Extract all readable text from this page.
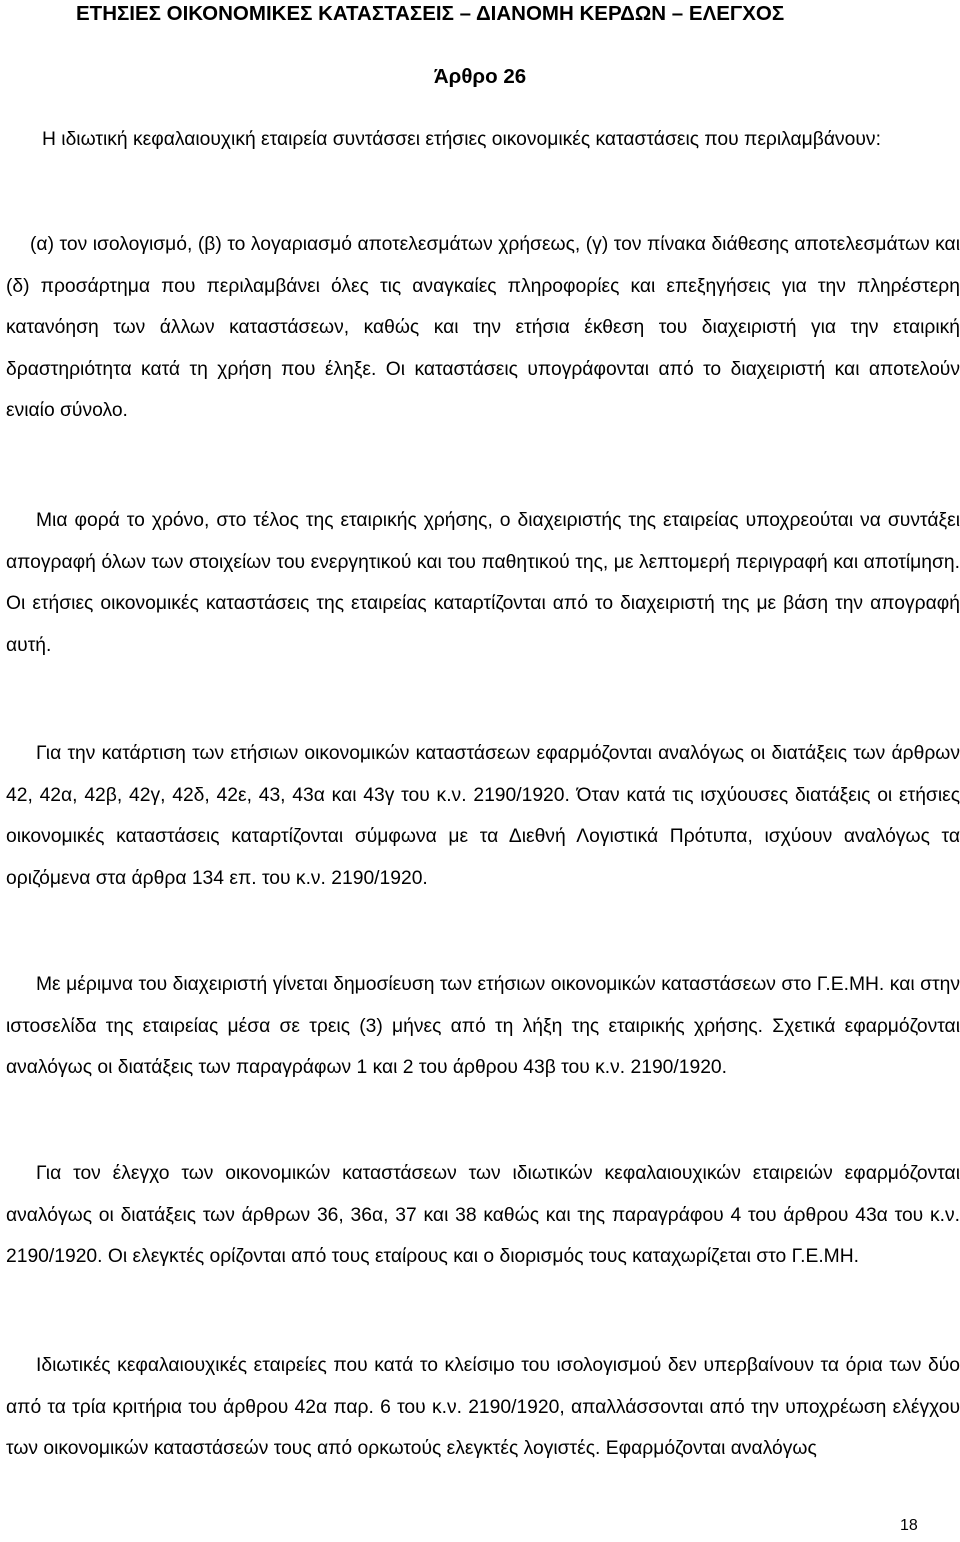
ΕΤΗΣΙΕΣ ΟΙΚΟΝΟΜΙΚΕΣ ΚΑΤΑΣΤΑΣΕΙΣ – ΔΙΑΝΟΜΗ ΚΕΡΔΩΝ – ΕΛΕΓΧΟΣ
Άρθρο 26

Η ιδιωτική κεφαλαιουχική εταιρεία συντάσσει ετήσιες οικονομικές καταστάσεις που περιλαμβάνουν:

(α) τον ισολογισμό, (β) το λογαριασμό αποτελεσμάτων χρήσεως, (γ) τον πίνακα διάθεσης αποτελεσμάτων και (δ) προσάρτημα που περιλαμβάνει όλες τις αναγκαίες πληροφορίες και επεξηγήσεις για την πληρέστερη κατανόηση των άλλων καταστάσεων, καθώς και την ετήσια έκθεση του διαχειριστή για την εταιρική δραστηριότητα κατά τη χρήση που έληξε. Οι καταστάσεις υπογράφονται από το διαχειριστή και αποτελούν ενιαίο σύνολο.

Μια φορά το χρόνο, στο τέλος της εταιρικής χρήσης, ο διαχειριστής της εταιρείας υποχρεούται να συντάξει απογραφή όλων των στοιχείων του ενεργητικού και του παθητικού της, με λεπτομερή περιγραφή και αποτίμηση. Οι ετήσιες οικονομικές καταστάσεις της εταιρείας καταρτίζονται από το διαχειριστή της με βάση την απογραφή αυτή.

Για την κατάρτιση των ετήσιων οικονομικών καταστάσεων εφαρμόζονται αναλόγως οι διατάξεις των άρθρων 42, 42α, 42β, 42γ, 42δ, 42ε, 43, 43α και 43γ του κ.ν. 2190/1920. Όταν κατά τις ισχύουσες διατάξεις οι ετήσιες οικονομικές καταστάσεις καταρτίζονται σύμφωνα με τα Διεθνή Λογιστικά Πρότυπα, ισχύουν αναλόγως τα οριζόμενα στα άρθρα 134 επ. του κ.ν. 2190/1920.

Με μέριμνα του διαχειριστή γίνεται δημοσίευση των ετήσιων οικονομικών καταστάσεων στο Γ.Ε.ΜΗ. και στην ιστοσελίδα της εταιρείας μέσα σε τρεις (3) μήνες από τη λήξη της εταιρικής χρήσης. Σχετικά εφαρμόζονται αναλόγως οι διατάξεις των παραγράφων 1 και 2 του άρθρου 43β του κ.ν. 2190/1920.

Για τον έλεγχο των οικονομικών καταστάσεων των ιδιωτικών κεφαλαιουχικών εταιρειών εφαρμόζονται αναλόγως οι διατάξεις των άρθρων 36, 36α, 37 και 38 καθώς και της παραγράφου 4 του άρθρου 43α του κ.ν. 2190/1920. Οι ελεγκτές ορίζονται από τους εταίρους και ο διορισμός τους καταχωρίζεται στο Γ.Ε.ΜΗ.

Ιδιωτικές κεφαλαιουχικές εταιρείες που κατά το κλείσιμο του ισολογισμού δεν υπερβαίνουν τα όρια των δύο από τα τρία κριτήρια του άρθρου 42α παρ. 6 του κ.ν. 2190/1920, απαλλάσσονται από την υποχρέωση ελέγχου των οικονομικών καταστάσεών τους από ορκωτούς ελεγκτές λογιστές. Εφαρμόζονται αναλόγως

18
